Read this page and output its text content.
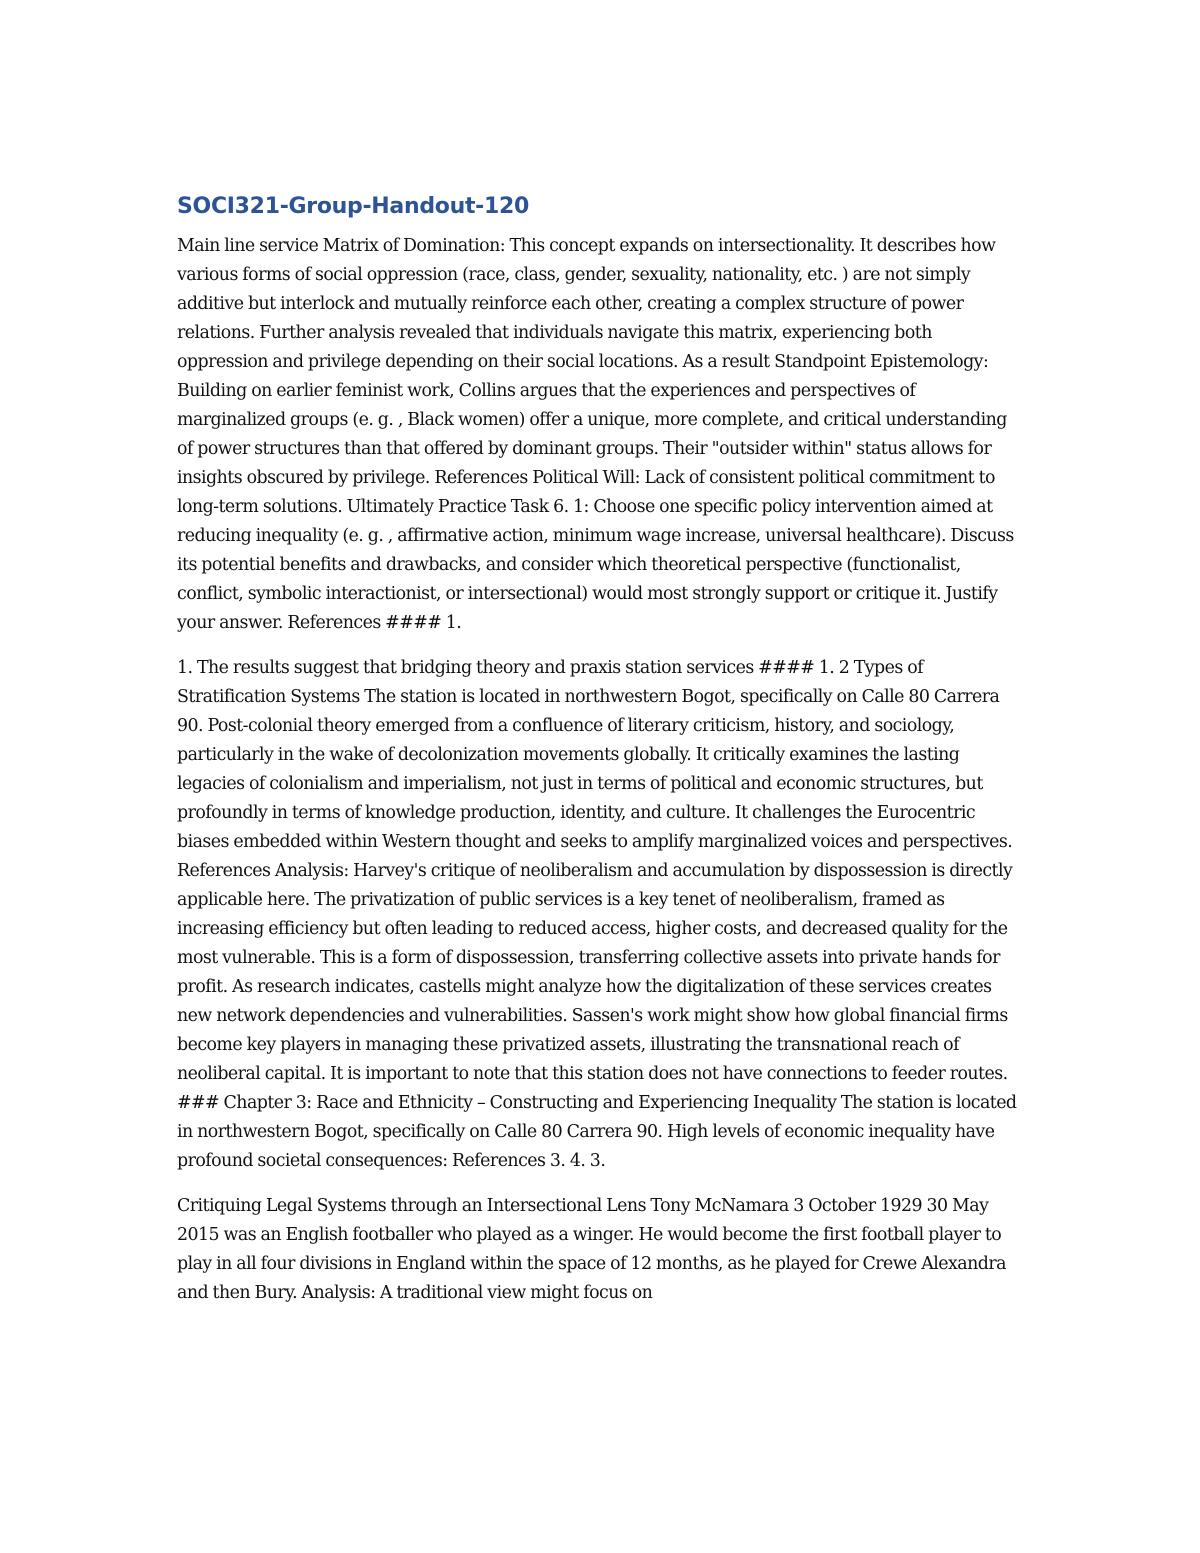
SOCI321-Group-Handout-120

Main line service Matrix of Domination: This concept expands on intersectionality. It describes how various forms of social oppression (race, class, gender, sexuality, nationality, etc. ) are not simply additive but interlock and mutually reinforce each other, creating a complex structure of power relations. Further analysis revealed that individuals navigate this matrix, experiencing both oppression and privilege depending on their social locations. As a result Standpoint Epistemology: Building on earlier feminist work, Collins argues that the experiences and perspectives of marginalized groups (e. g. , Black women) offer a unique, more complete, and critical understanding of power structures than that offered by dominant groups. Their "outsider within" status allows for insights obscured by privilege. References Political Will: Lack of consistent political commitment to long-term solutions. Ultimately Practice Task 6. 1: Choose one specific policy intervention aimed at reducing inequality (e. g. , affirmative action, minimum wage increase, universal healthcare). Discuss its potential benefits and drawbacks, and consider which theoretical perspective (functionalist, conflict, symbolic interactionist, or intersectional) would most strongly support or critique it. Justify your answer. References #### 1.

1. The results suggest that bridging theory and praxis station services #### 1. 2 Types of Stratification Systems The station is located in northwestern Bogot, specifically on Calle 80 Carrera 90. Post-colonial theory emerged from a confluence of literary criticism, history, and sociology, particularly in the wake of decolonization movements globally. It critically examines the lasting legacies of colonialism and imperialism, not just in terms of political and economic structures, but profoundly in terms of knowledge production, identity, and culture. It challenges the Eurocentric biases embedded within Western thought and seeks to amplify marginalized voices and perspectives. References Analysis: Harvey's critique of neoliberalism and accumulation by dispossession is directly applicable here. The privatization of public services is a key tenet of neoliberalism, framed as increasing efficiency but often leading to reduced access, higher costs, and decreased quality for the most vulnerable. This is a form of dispossession, transferring collective assets into private hands for profit. As research indicates, castells might analyze how the digitalization of these services creates new network dependencies and vulnerabilities. Sassen's work might show how global financial firms become key players in managing these privatized assets, illustrating the transnational reach of neoliberal capital. It is important to note that this station does not have connections to feeder routes. ### Chapter 3: Race and Ethnicity – Constructing and Experiencing Inequality The station is located in northwestern Bogot, specifically on Calle 80 Carrera 90. High levels of economic inequality have profound societal consequences: References 3. 4. 3.

Critiquing Legal Systems through an Intersectional Lens Tony McNamara 3 October 1929 30 May 2015 was an English footballer who played as a winger. He would become the first football player to play in all four divisions in England within the space of 12 months, as he played for Crewe Alexandra and then Bury. Analysis: A traditional view might focus on
